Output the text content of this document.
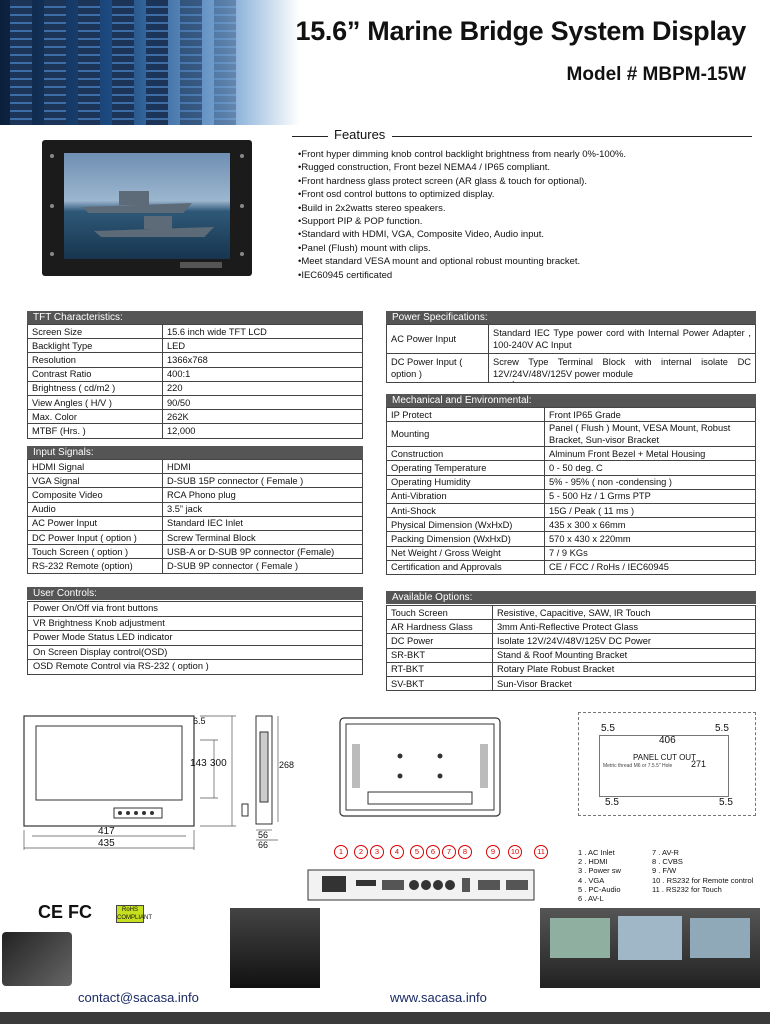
15.6” Marine Bridge System Display
Model # MBPM-15W
Features
•Front hyper dimming knob control backlight brightness from nearly 0%-100%.
•Rugged construction, Front bezel NEMA4 / IP65 compliant.
•Front hardness glass protect screen (AR glass & touch for optional).
•Front osd control buttons to optimized display.
•Build in 2x2watts stereo speakers.
•Support PIP & POP function.
•Standard with HDMI, VGA, Composite Video, Audio input.
•Panel (Flush) mount with clips.
•Meet standard VESA mount and optional robust mounting bracket.
•IEC60945 certificated
TFT Characteristics:
Screen Size	15.6 inch wide TFT LCD
Backlight Type	LED
Resolution	1366x768
Contrast Ratio	400:1
Brightness ( cd/m2 )	220
View Angles ( H/V )	90/50
Max. Color	262K
MTBF (Hrs. )	12,000
Input Signals:
HDMI Signal	HDMI
VGA Signal	D-SUB 15P connector ( Female )
Composite Video	RCA Phono plug
Audio	3.5” jack
AC Power Input	Standard IEC Inlet
DC Power Input ( option )	Screw Terminal Block
Touch Screen ( option )	USB-A or D-SUB 9P connector (Female)
RS-232 Remote (option)	D-SUB 9P connector ( Female )
User Controls:
Power On/Off via front buttons
VR Brightness Knob adjustment
Power Mode Status LED indicator
On Screen Display control(OSD)
OSD Remote Control via RS-232 ( option )
Power Specifications:
AC Power Input	Standard IEC Type power cord with Internal Power Adapter , 100-240V AC Input
DC Power Input ( option )	Screw Type Terminal Block with internal isolate DC 12V/24V/48V/125V power module
`
Mechanical and Environmental:
IP Protect	Front IP65 Grade
Mounting	Panel ( Flush ) Mount, VESA Mount, Robust Bracket, Sun-visor Bracket
Construction	Alminum Front Bezel + Metal Housing
Operating Temperature	0 - 50 deg. C
Operating Humidity	5% - 95% ( non -condensing )
Anti-Vibration	5 - 500 Hz / 1 Grms PTP
Anti-Shock	15G / Peak ( 11 ms )
Physical Dimension (WxHxD)	435 x 300 x 66mm
Packing Dimension (WxHxD)	570 x 430 x 220mm
Net Weight / Gross Weight	7 / 9 KGs
Certification and Approvals	CE / FCC / RoHs / IEC60945
Available Options:
Touch Screen	Resistive, Capacitive, SAW, IR Touch
AR Hardness Glass	3mm Anti-Reflective Protect Glass
DC Power	Isolate 12V/24V/48V/125V DC Power
SR-BKT	Stand & Roof Mounting Bracket
RT-BKT	Rotary Plate Robust Bracket
SV-BKT	Sun-Visor Bracket
6.5
143 300
417
435
268
56
66
5.5
406
5.5
PANEL CUT OUT
Metric thread M6 or 7.5.5" Hole 271
5.5	5.5
1 2 3 4 5 6 7 8	9 10 11	1 . AC Inlet
2 . HDMI
3 . Power sw
4 . VGA
5 . PC-Audio
6 . AV-L
7 . AV-R
8 . CVBS
9 . F/W
10 . RS232 for Remote control
11 . RS232 for Touch
CE FC	RoHS COMPLIANT
contact@sacasa.info	www.sacasa.info
